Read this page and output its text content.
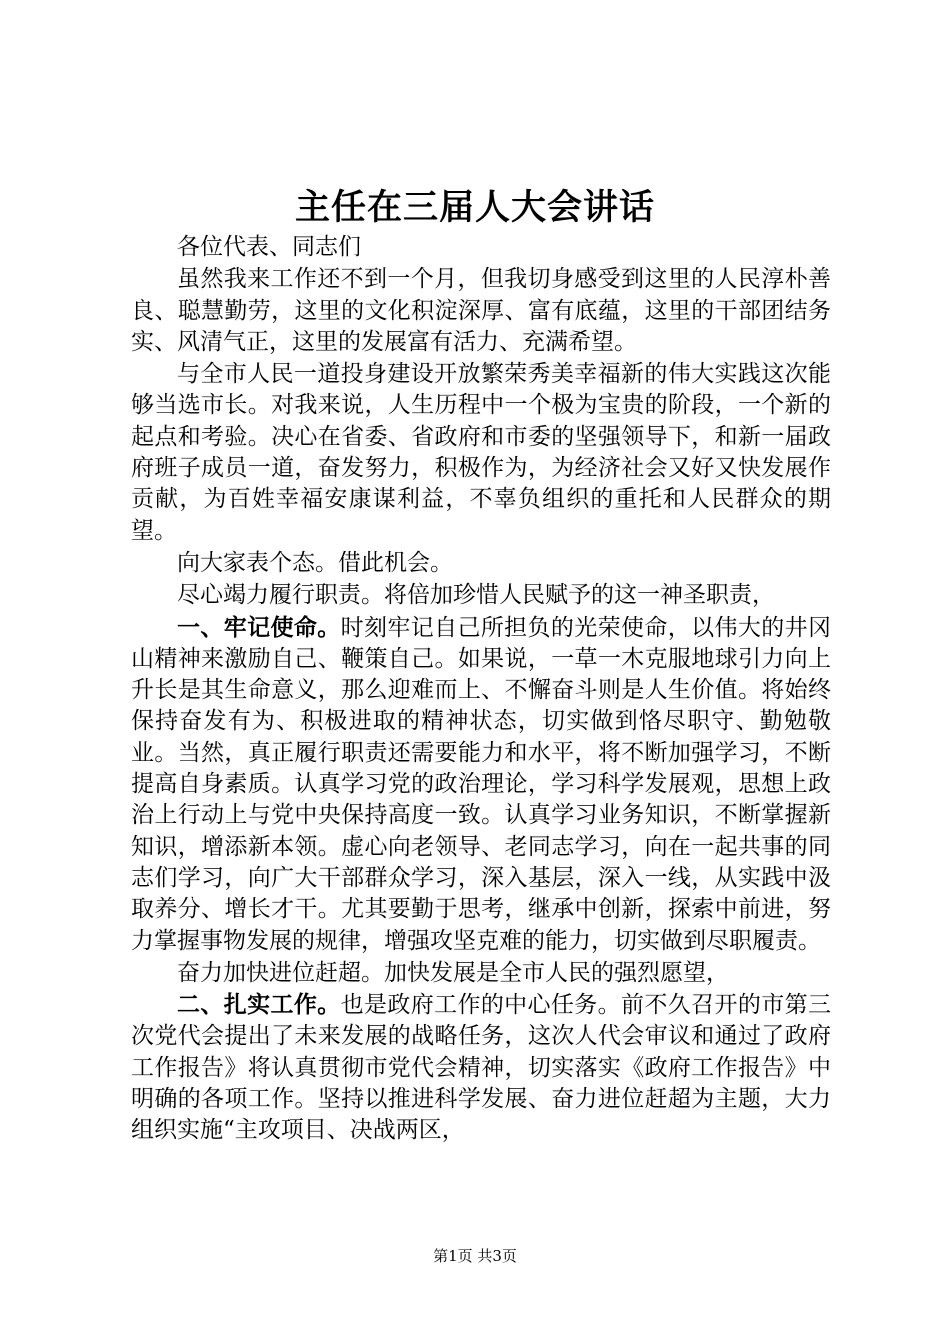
主任在三届人大会讲话

各位代表、同志们

虽然我来工作还不到一个月，但我切身感受到这里的人民淳朴善良、聪慧勤劳，这里的文化积淀深厚、富有底蕴，这里的干部团结务实、风清气正，这里的发展富有活力、充满希望。

与全市人民一道投身建设开放繁荣秀美幸福新的伟大实践这次能够当选市长。对我来说，人生历程中一个极为宝贵的阶段，一个新的起点和考验。决心在省委、省政府和市委的坚强领导下，和新一届政府班子成员一道，奋发努力，积极作为，为经济社会又好又快发展作贡献，为百姓幸福安康谋利益，不辜负组织的重托和人民群众的期望。

向大家表个态。借此机会。

尽心竭力履行职责。将倍加珍惜人民赋予的这一神圣职责，

一、牢记使命。时刻牢记自己所担负的光荣使命，以伟大的井冈山精神来激励自己、鞭策自己。如果说，一草一木克服地球引力向上升长是其生命意义，那么迎难而上、不懈奋斗则是人生价值。将始终保持奋发有为、积极进取的精神状态，切实做到恪尽职守、勤勉敬业。当然，真正履行职责还需要能力和水平，将不断加强学习，不断提高自身素质。认真学习党的政治理论，学习科学发展观，思想上政治上行动上与党中央保持高度一致。认真学习业务知识，不断掌握新知识，增添新本领。虚心向老领导、老同志学习，向在一起共事的同志们学习，向广大干部群众学习，深入基层，深入一线，从实践中汲取养分、增长才干。尤其要勤于思考，继承中创新，探索中前进，努力掌握事物发展的规律，增强攻坚克难的能力，切实做到尽职履责。

奋力加快进位赶超。加快发展是全市人民的强烈愿望，

二、扎实工作。也是政府工作的中心任务。前不久召开的市第三次党代会提出了未来发展的战略任务，这次人代会审议和通过了政府工作报告》将认真贯彻市党代会精神，切实落实《政府工作报告》中明确的各项工作。坚持以推进科学发展、奋力进位赶超为主题，大力组织实施“主攻项目、决战两区，

第1页 共3页
